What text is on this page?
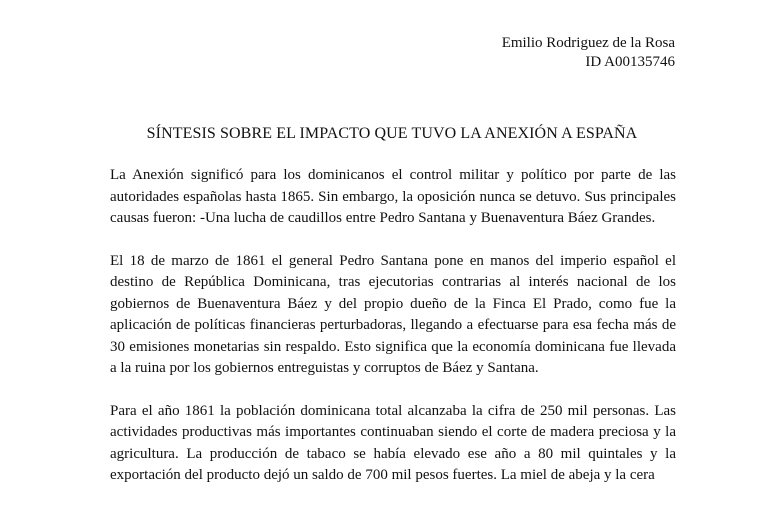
Emilio Rodriguez de la Rosa
ID A00135746
SÍNTESIS SOBRE EL IMPACTO QUE TUVO LA ANEXIÓN A ESPAÑA

La Anexión significó para los dominicanos el control militar y político por parte de las autoridades españolas hasta 1865. Sin embargo, la oposición nunca se detuvo. Sus principales causas fueron: -Una lucha de caudillos entre Pedro Santana y Buenaventura Báez Grandes.

El 18 de marzo de 1861 el general Pedro Santana pone en manos del imperio español el destino de República Dominicana, tras ejecutorias contrarias al interés nacional de los gobiernos de Buenaventura Báez y del propio dueño de la Finca El Prado, como fue la aplicación de políticas financieras perturbadoras, llegando a efectuarse para esa fecha más de 30 emisiones monetarias sin respaldo. Esto significa que la economía dominicana fue llevada a la ruina por los gobiernos entreguistas y corruptos de Báez y Santana.

Para el año 1861 la población dominicana total alcanzaba la cifra de 250 mil personas. Las actividades productivas más importantes continuaban siendo el corte de madera preciosa y la agricultura. La producción de tabaco se había elevado ese año a 80 mil quintales y la exportación del producto dejó un saldo de 700 mil pesos fuertes. La miel de abeja y la cera
